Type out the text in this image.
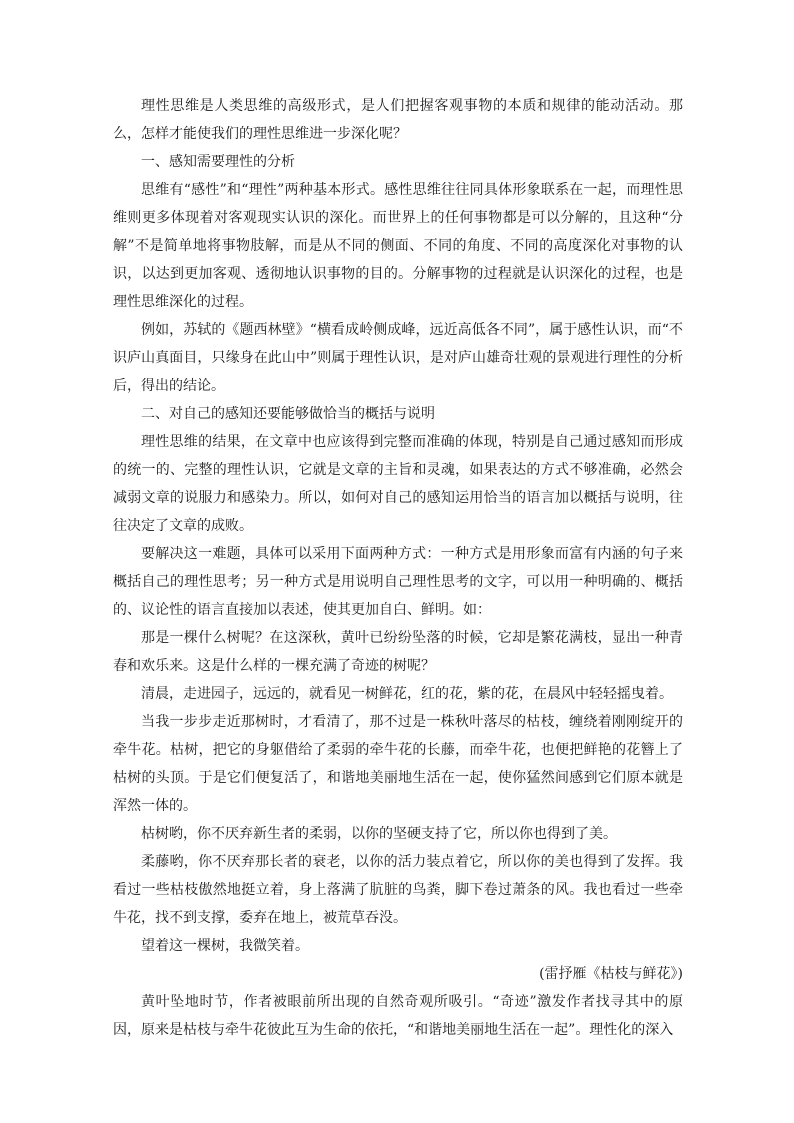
理性思维是人类思维的高级形式，是人们把握客观事物的本质和规律的能动活动。那么，怎样才能使我们的理性思维进一步深化呢？

一、感知需要理性的分析

思维有“感性”和“理性”两种基本形式。感性思维往往同具体形象联系在一起，而理性思维则更多体现着对客观现实认识的深化。而世界上的任何事物都是可以分解的，且这种“分解”不是简单地将事物肢解，而是从不同的侧面、不同的角度、不同的高度深化对事物的认识，以达到更加客观、透彻地认识事物的目的。分解事物的过程就是认识深化的过程，也是理性思维深化的过程。

例如，苏轼的《题西林壁》“横看成岭侧成峰，远近高低各不同”，属于感性认识，而“不识庐山真面目，只缘身在此山中”则属于理性认识，是对庐山雄奇壮观的景观进行理性的分析后，得出的结论。

二、对自己的感知还要能够做恰当的概括与说明

理性思维的结果，在文章中也应该得到完整而准确的体现，特别是自己通过感知而形成的统一的、完整的理性认识，它就是文章的主旨和灵魂，如果表达的方式不够准确，必然会减弱文章的说服力和感染力。所以，如何对自己的感知运用恰当的语言加以概括与说明，往往决定了文章的成败。

要解决这一难题，具体可以采用下面两种方式：一种方式是用形象而富有内涵的句子来概括自己的理性思考；另一种方式是用说明自己理性思考的文字，可以用一种明确的、概括的、议论性的语言直接加以表述，使其更加自白、鲜明。如：

那是一棵什么树呢？在这深秋，黄叶已纷纷坠落的时候，它却是繁花满枝，显出一种青春和欢乐来。这是什么样的一棵充满了奇迹的树呢？

清晨，走进园子，远远的，就看见一树鲜花，红的花，紫的花，在晨风中轻轻摇曳着。

当我一步步走近那树时，才看清了，那不过是一株秋叶落尽的枯枝，缠绕着刚刚绽开的牵牛花。枯树，把它的身躯借给了柔弱的牵牛花的长藤，而牵牛花，也便把鲜艳的花簪上了枯树的头顶。于是它们便复活了，和谐地美丽地生活在一起，使你猛然间感到它们原本就是浑然一体的。

枯树哟，你不厌弃新生者的柔弱，以你的坚硬支持了它，所以你也得到了美。

柔藤哟，你不厌弃那长者的衰老，以你的活力装点着它，所以你的美也得到了发挥。我看过一些枯枝傲然地挺立着，身上落满了肮脏的鸟粪，脚下卷过萧条的风。我也看过一些牵牛花，找不到支撑，委弃在地上，被荒草吞没。

望着这一棵树，我微笑着。

(雷抒雁《枯枝与鲜花》)

黄叶坠地时节，作者被眼前所出现的自然奇观所吸引。“奇迹”激发作者找寻其中的原因，原来是枯枝与牵牛花彼此互为生命的依托，“和谐地美丽地生活在一起”。理性化的深入
